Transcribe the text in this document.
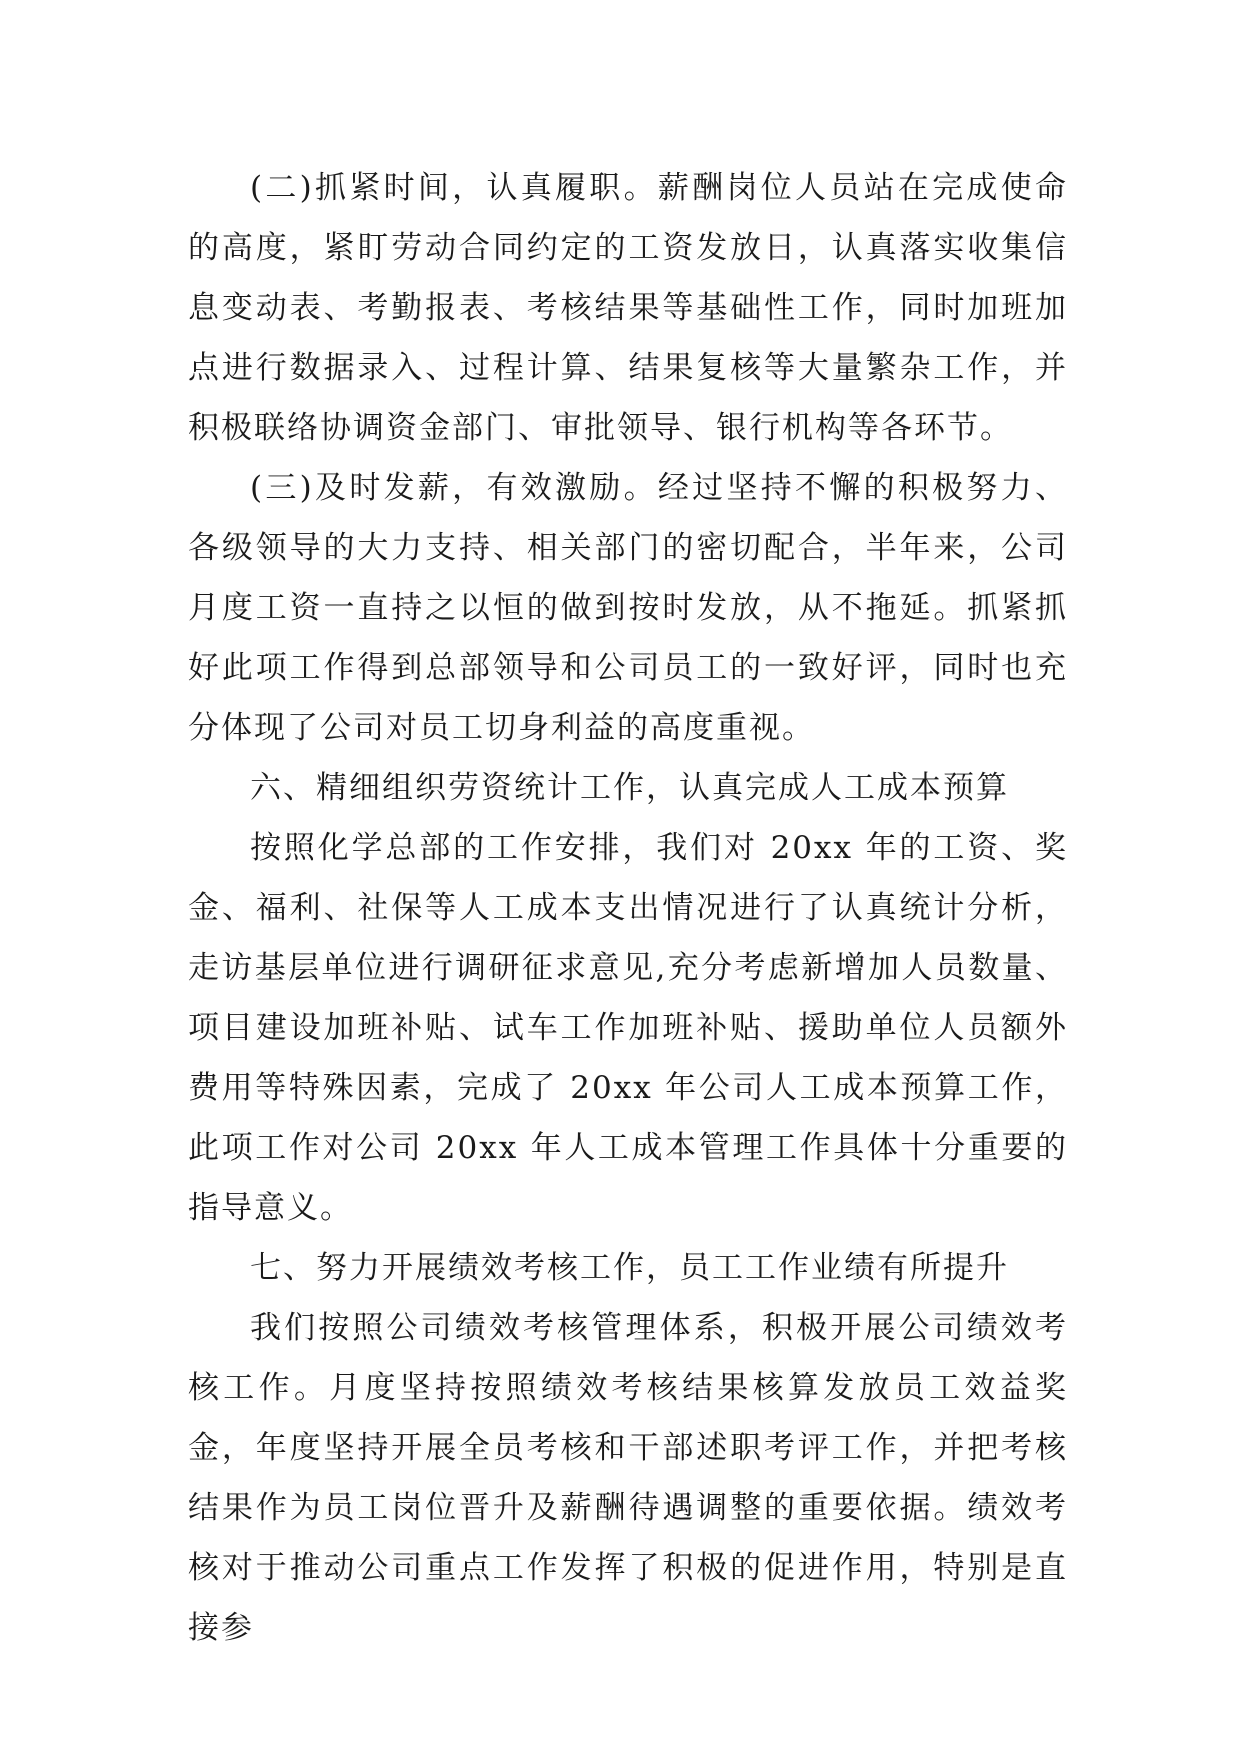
(二)抓紧时间，认真履职。薪酬岗位人员站在完成使命的高度，紧盯劳动合同约定的工资发放日，认真落实收集信息变动表、考勤报表、考核结果等基础性工作，同时加班加点进行数据录入、过程计算、结果复核等大量繁杂工作，并积极联络协调资金部门、审批领导、银行机构等各环节。

(三)及时发薪，有效激励。经过坚持不懈的积极努力、各级领导的大力支持、相关部门的密切配合，半年来，公司月度工资一直持之以恒的做到按时发放，从不拖延。抓紧抓好此项工作得到总部领导和公司员工的一致好评，同时也充分体现了公司对员工切身利益的高度重视。

六、精细组织劳资统计工作，认真完成人工成本预算

按照化学总部的工作安排，我们对 20xx 年的工资、奖金、福利、社保等人工成本支出情况进行了认真统计分析，走访基层单位进行调研征求意见,充分考虑新增加人员数量、项目建设加班补贴、试车工作加班补贴、援助单位人员额外费用等特殊因素，完成了 20xx 年公司人工成本预算工作，此项工作对公司 20xx 年人工成本管理工作具体十分重要的指导意义。

七、努力开展绩效考核工作，员工工作业绩有所提升

我们按照公司绩效考核管理体系，积极开展公司绩效考核工作。月度坚持按照绩效考核结果核算发放员工效益奖金，年度坚持开展全员考核和干部述职考评工作，并把考核结果作为员工岗位晋升及薪酬待遇调整的重要依据。绩效考核对于推动公司重点工作发挥了积极的促进作用，特别是直接参
